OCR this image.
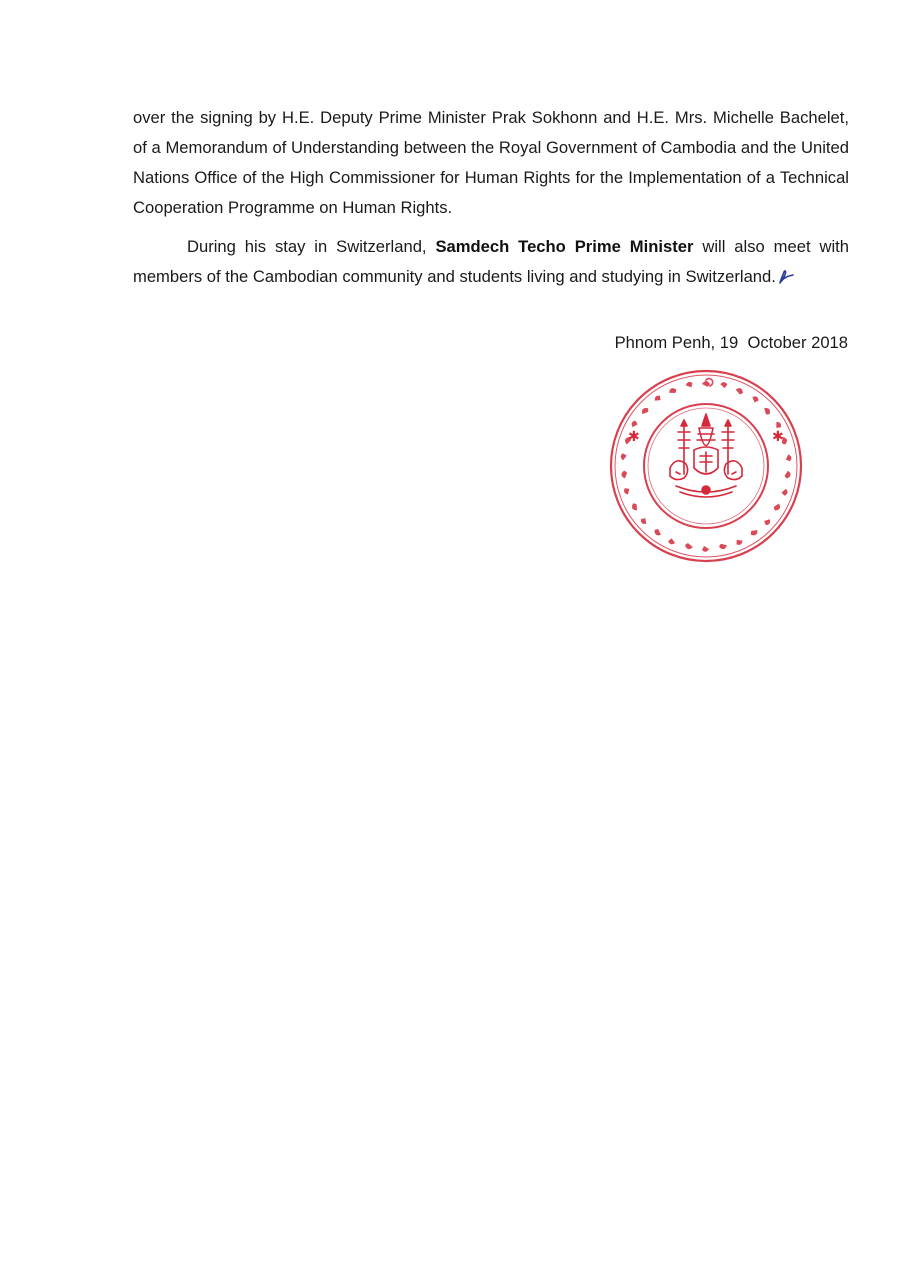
over the signing by H.E. Deputy Prime Minister Prak Sokhonn and H.E. Mrs. Michelle Bachelet, of a Memorandum of Understanding between the Royal Government of Cambodia and the United Nations Office of the High Commissioner for Human Rights for the Implementation of a Technical Cooperation Programme on Human Rights.

During his stay in Switzerland, Samdech Techo Prime Minister will also meet with members of the Cambodian community and students living and studying in Switzerland.

Phnom Penh, 19  October 2018

✱	✱
